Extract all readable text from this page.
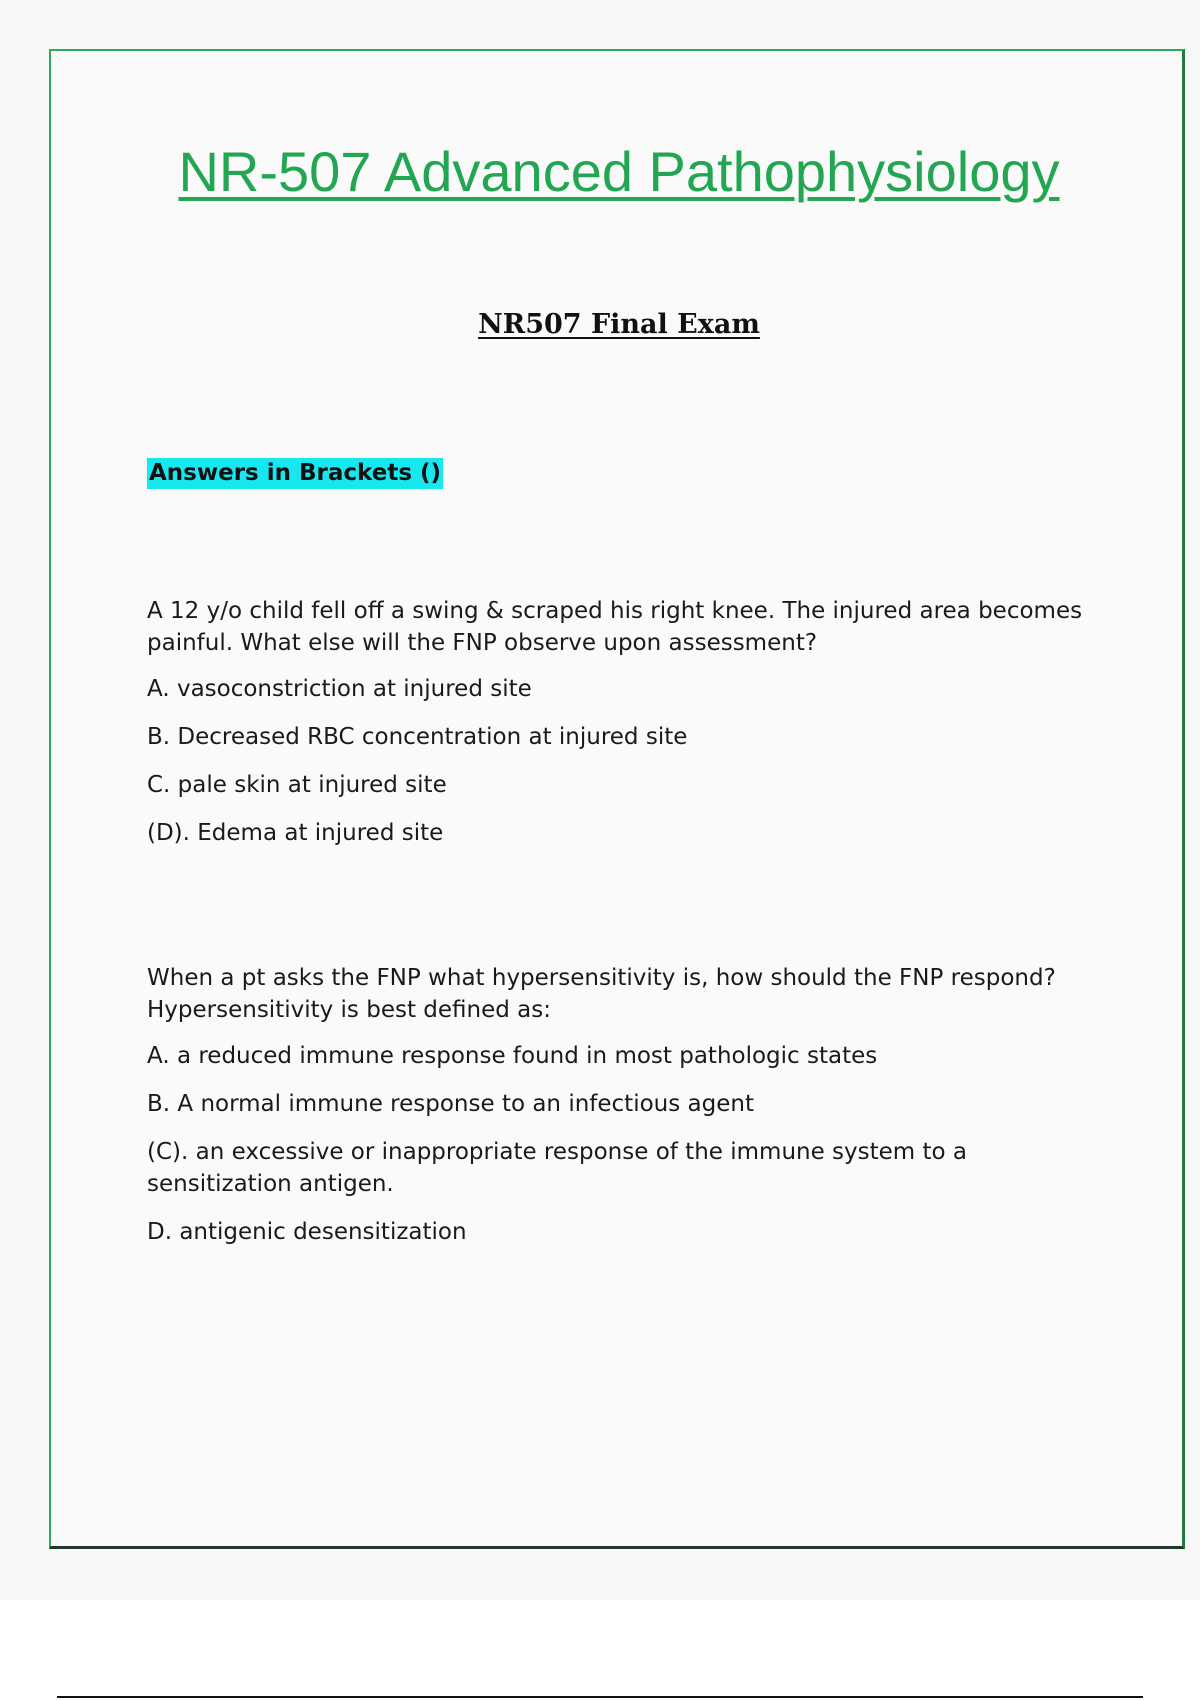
NR-507 Advanced Pathophysiology
NR507 Final Exam
Answers in Brackets ()

A 12 y/o child fell off a swing & scraped his right knee. The injured area becomes painful. What else will the FNP observe upon assessment?

A. vasoconstriction at injured site

B. Decreased RBC concentration at injured site

C. pale skin at injured site

(D). Edema at injured site

When a pt asks the FNP what hypersensitivity is, how should the FNP respond? Hypersensitivity is best defined as:

A. a reduced immune response found in most pathologic states

B. A normal immune response to an infectious agent

(C). an excessive or inappropriate response of the immune system to a sensitization antigen.

D. antigenic desensitization
